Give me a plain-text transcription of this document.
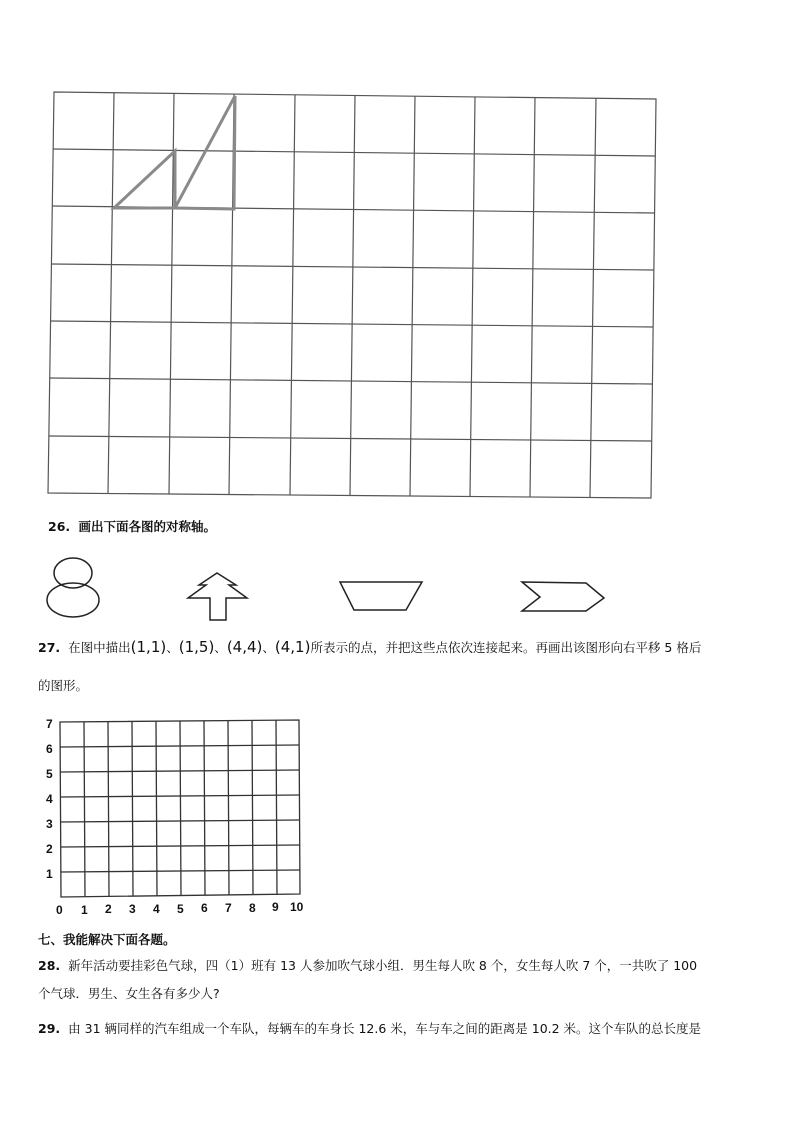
26. 画出下面各图的对称轴。
27. 在图中描出(1,1)、(1,5)、(4,4)、(4,1)所表示的点，并把这些点依次连接起来。再画出该图形向右平移 5 格后
的图形。
7
6
5
4
3
2
1
0 1 2 3 4 5 6 7 8 9 10
七、我能解决下面各题。
28. 新年活动要挂彩色气球，四（1）班有 13 人参加吹气球小组．男生每人吹 8 个，女生每人吹 7 个，一共吹了 100
个气球．男生、女生各有多少人?
29. 由 31 辆同样的汽车组成一个车队，每辆车的车身长 12.6 米，车与车之间的距离是 10.2 米。这个车队的总长度是
